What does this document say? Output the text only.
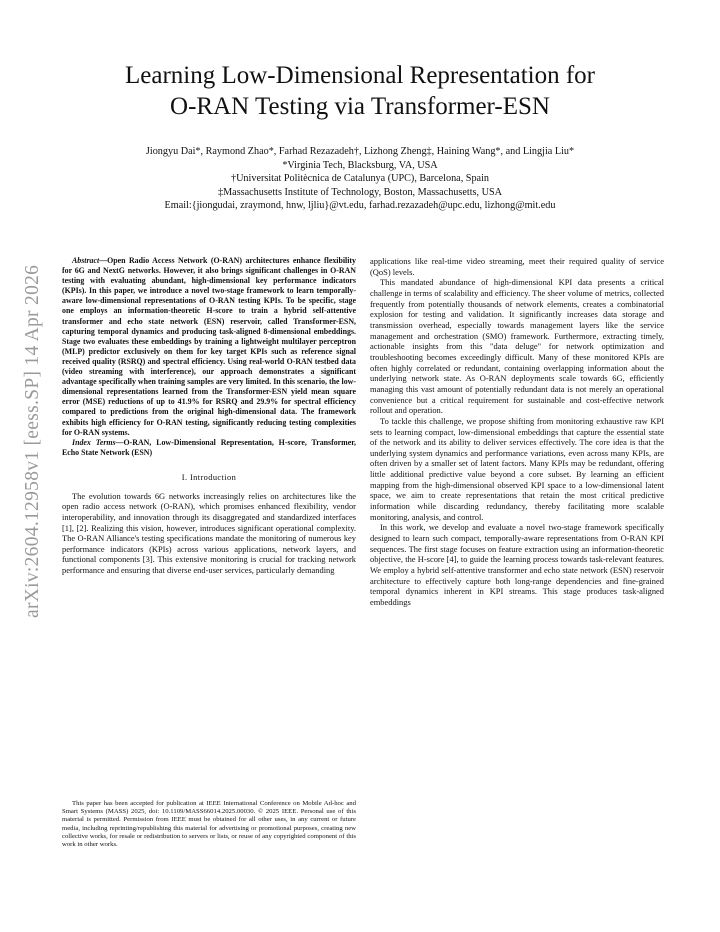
Learning Low-Dimensional Representation for
O-RAN Testing via Transformer-ESN
Jiongyu Dai*, Raymond Zhao*, Farhad Rezazadeh†, Lizhong Zheng‡, Haining Wang*, and Lingjia Liu*
*Virginia Tech, Blacksburg, VA, USA
†Universitat Politècnica de Catalunya (UPC), Barcelona, Spain
‡Massachusetts Institute of Technology, Boston, Massachusetts, USA
Email:{jiongudai, zraymond, hnw, ljliu}@vt.edu, farhad.rezazadeh@upc.edu, lizhong@mit.edu
arXiv:2604.12958v1 [eess.SP] 14 Apr 2026

Abstract—Open Radio Access Network (O-RAN) architectures enhance flexibility for 6G and NextG networks. However, it also brings significant challenges in O-RAN testing with evaluating abundant, high-dimensional key performance indicators (KPIs). In this paper, we introduce a novel two-stage framework to learn temporally-aware low-dimensional representations of O-RAN testing KPIs. To be specific, stage one employs an information-theoretic H-score to train a hybrid self-attentive transformer and echo state network (ESN) reservoir, called Transformer-ESN, capturing temporal dynamics and producing task-aligned 8-dimensional embeddings. Stage two evaluates these embeddings by training a lightweight multilayer perceptron (MLP) predictor exclusively on them for key target KPIs such as reference signal received quality (RSRQ) and spectral efficiency. Using real-world O-RAN testbed data (video streaming with interference), our approach demonstrates a significant advantage specifically when training samples are very limited. In this scenario, the low-dimensional representations learned from the Transformer-ESN yield mean square error (MSE) reductions of up to 41.9% for RSRQ and 29.9% for spectral efficiency compared to predictions from the original high-dimensional data. The framework exhibits high efficiency for O-RAN testing, significantly reducing testing complexities for O-RAN systems.

Index Terms—O-RAN, Low-Dimensional Representation, H-score, Transformer, Echo State Network (ESN)

I. Introduction

The evolution towards 6G networks increasingly relies on architectures like the open radio access network (O-RAN), which promises enhanced flexibility, vendor interoperability, and innovation through its disaggregated and standardized interfaces [1], [2]. Realizing this vision, however, introduces significant operational complexity. The O-RAN Alliance's testing specifications mandate the monitoring of numerous key performance indicators (KPIs) across various applications, network layers, and functional components [3]. This extensive monitoring is crucial for tracking network performance and ensuring that diverse end-user services, particularly demanding

This paper has been accepted for publication at IEEE International Conference on Mobile Ad-hoc and Smart Systems (MASS) 2025, doi: 10.1109/MASS66014.2025.00030. © 2025 IEEE. Personal use of this material is permitted. Permission from IEEE must be obtained for all other uses, in any current or future media, including reprinting/republishing this material for advertising or promotional purposes, creating new collective works, for resale or redistribution to servers or lists, or reuse of any copyrighted component of this work in other works.

applications like real-time video streaming, meet their required quality of service (QoS) levels.

This mandated abundance of high-dimensional KPI data presents a critical challenge in terms of scalability and efficiency. The sheer volume of metrics, collected frequently from potentially thousands of network elements, creates a combinatorial explosion for testing and validation. It significantly increases data storage and transmission overhead, especially towards management layers like the service management and orchestration (SMO) framework. Furthermore, extracting timely, actionable insights from this "data deluge" for network optimization and troubleshooting becomes exceedingly difficult. Many of these monitored KPIs are often highly correlated or redundant, containing overlapping information about the underlying network state. As O-RAN deployments scale towards 6G, efficiently managing this vast amount of potentially redundant data is not merely an operational convenience but a critical requirement for sustainable and cost-effective network rollout and operation.

To tackle this challenge, we propose shifting from monitoring exhaustive raw KPI sets to learning compact, low-dimensional embeddings that capture the essential state of the network and its ability to deliver services effectively. The core idea is that the underlying system dynamics and performance variations, even across many KPIs, are often driven by a smaller set of latent factors. Many KPIs may be redundant, offering little additional predictive value beyond a core subset. By learning an efficient mapping from the high-dimensional observed KPI space to a low-dimensional latent space, we aim to create representations that retain the most critical predictive information while discarding redundancy, thereby facilitating more scalable monitoring, analysis, and control.

In this work, we develop and evaluate a novel two-stage framework specifically designed to learn such compact, temporally-aware representations from O-RAN KPI sequences. The first stage focuses on feature extraction using an information-theoretic objective, the H-score [4], to guide the learning process towards task-relevant features. We employ a hybrid self-attentive transformer and echo state network (ESN) reservoir architecture to effectively capture both long-range dependencies and fine-grained temporal dynamics inherent in KPI streams. This stage produces task-aligned embeddings
